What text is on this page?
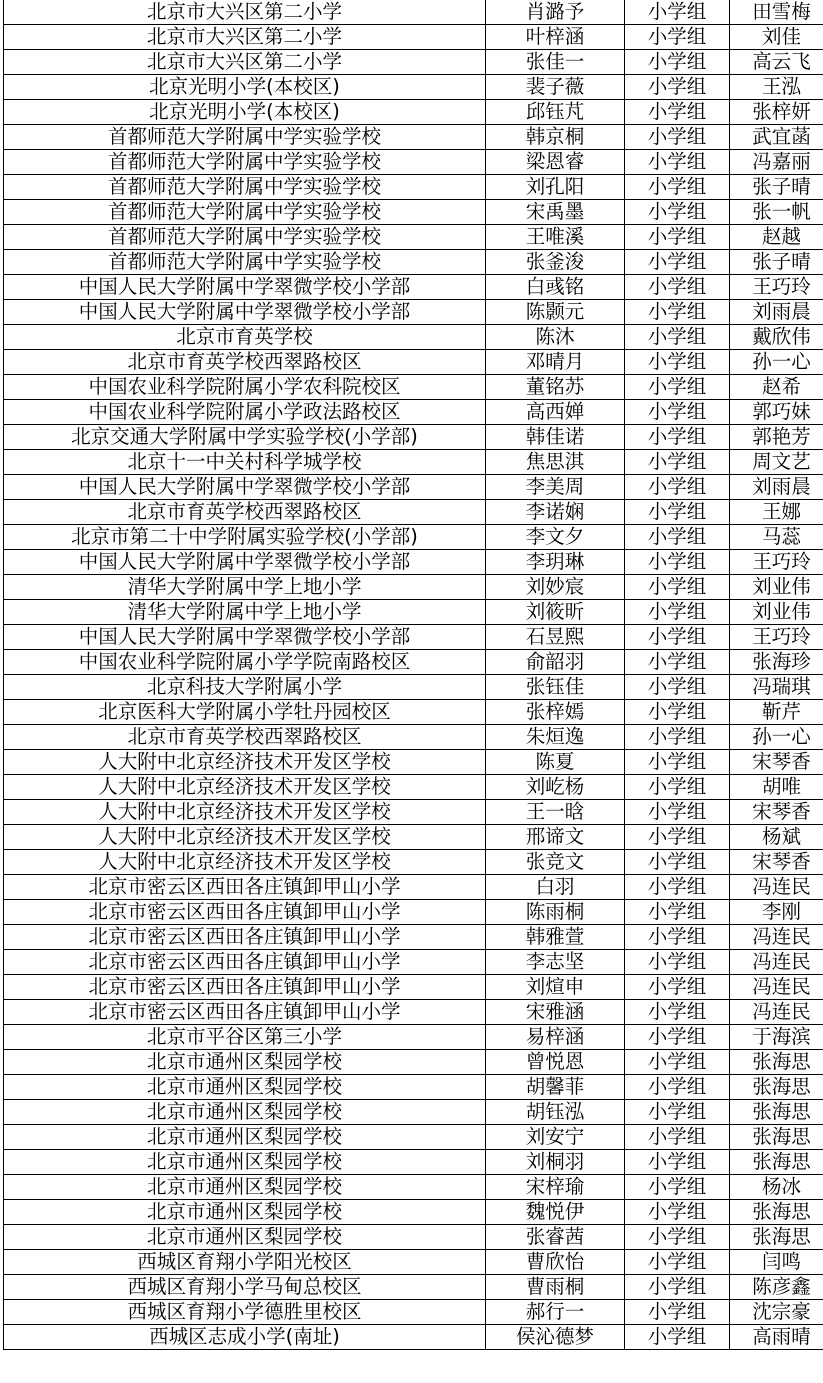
北京市大兴区第二小学	肖潞予	小学组	田雪梅
北京市大兴区第二小学	叶梓涵	小学组	刘佳
北京市大兴区第二小学	张佳一	小学组	高云飞
北京光明小学(本校区)	裴子薇	小学组	王泓
北京光明小学(本校区)	邱钰芃	小学组	张梓妍
首都师范大学附属中学实验学校	韩京桐	小学组	武宜菡
首都师范大学附属中学实验学校	梁恩睿	小学组	冯嘉丽
首都师范大学附属中学实验学校	刘孔阳	小学组	张子晴
首都师范大学附属中学实验学校	宋禹墨	小学组	张一帆
首都师范大学附属中学实验学校	王唯溪	小学组	赵越
首都师范大学附属中学实验学校	张釜浚	小学组	张子晴
中国人民大学附属中学翠微学校小学部	白彧铭	小学组	王巧玲
中国人民大学附属中学翠微学校小学部	陈颢元	小学组	刘雨晨
北京市育英学校	陈沐	小学组	戴欣伟
北京市育英学校西翠路校区	邓晴月	小学组	孙一心
中国农业科学院附属小学农科院校区	董铭苏	小学组	赵希
中国农业科学院附属小学政法路校区	高西婵	小学组	郭巧妹
北京交通大学附属中学实验学校(小学部)	韩佳诺	小学组	郭艳芳
北京十一中关村科学城学校	焦思淇	小学组	周文艺
中国人民大学附属中学翠微学校小学部	李美周	小学组	刘雨晨
北京市育英学校西翠路校区	李诺娴	小学组	王娜
北京市第二十中学附属实验学校(小学部)	李文夕	小学组	马蕊
中国人民大学附属中学翠微学校小学部	李玥琳	小学组	王巧玲
清华大学附属中学上地小学	刘妙宸	小学组	刘业伟
清华大学附属中学上地小学	刘筱昕	小学组	刘业伟
中国人民大学附属中学翠微学校小学部	石昱熙	小学组	王巧玲
中国农业科学院附属小学学院南路校区	俞韶羽	小学组	张海珍
北京科技大学附属小学	张钰佳	小学组	冯瑞琪
北京医科大学附属小学牡丹园校区	张梓嫣	小学组	靳芹
北京市育英学校西翠路校区	朱烜逸	小学组	孙一心
人大附中北京经济技术开发区学校	陈夏	小学组	宋琴香
人大附中北京经济技术开发区学校	刘屹杨	小学组	胡唯
人大附中北京经济技术开发区学校	王一晗	小学组	宋琴香
人大附中北京经济技术开发区学校	邢谛文	小学组	杨斌
人大附中北京经济技术开发区学校	张竞文	小学组	宋琴香
北京市密云区西田各庄镇卸甲山小学	白羽	小学组	冯连民
北京市密云区西田各庄镇卸甲山小学	陈雨桐	小学组	李刚
北京市密云区西田各庄镇卸甲山小学	韩雅萱	小学组	冯连民
北京市密云区西田各庄镇卸甲山小学	李志坚	小学组	冯连民
北京市密云区西田各庄镇卸甲山小学	刘煊申	小学组	冯连民
北京市密云区西田各庄镇卸甲山小学	宋雅涵	小学组	冯连民
北京市平谷区第三小学	易梓涵	小学组	于海滨
北京市通州区梨园学校	曾悦恩	小学组	张海思
北京市通州区梨园学校	胡馨菲	小学组	张海思
北京市通州区梨园学校	胡钰泓	小学组	张海思
北京市通州区梨园学校	刘安宁	小学组	张海思
北京市通州区梨园学校	刘桐羽	小学组	张海思
北京市通州区梨园学校	宋梓瑜	小学组	杨冰
北京市通州区梨园学校	魏悦伊	小学组	张海思
北京市通州区梨园学校	张睿茜	小学组	张海思
西城区育翔小学阳光校区	曹欣怡	小学组	闫鸣
西城区育翔小学马甸总校区	曹雨桐	小学组	陈彦鑫
西城区育翔小学德胜里校区	郝行一	小学组	沈宗豪
西城区志成小学(南址)	侯沁德梦	小学组	高雨晴
